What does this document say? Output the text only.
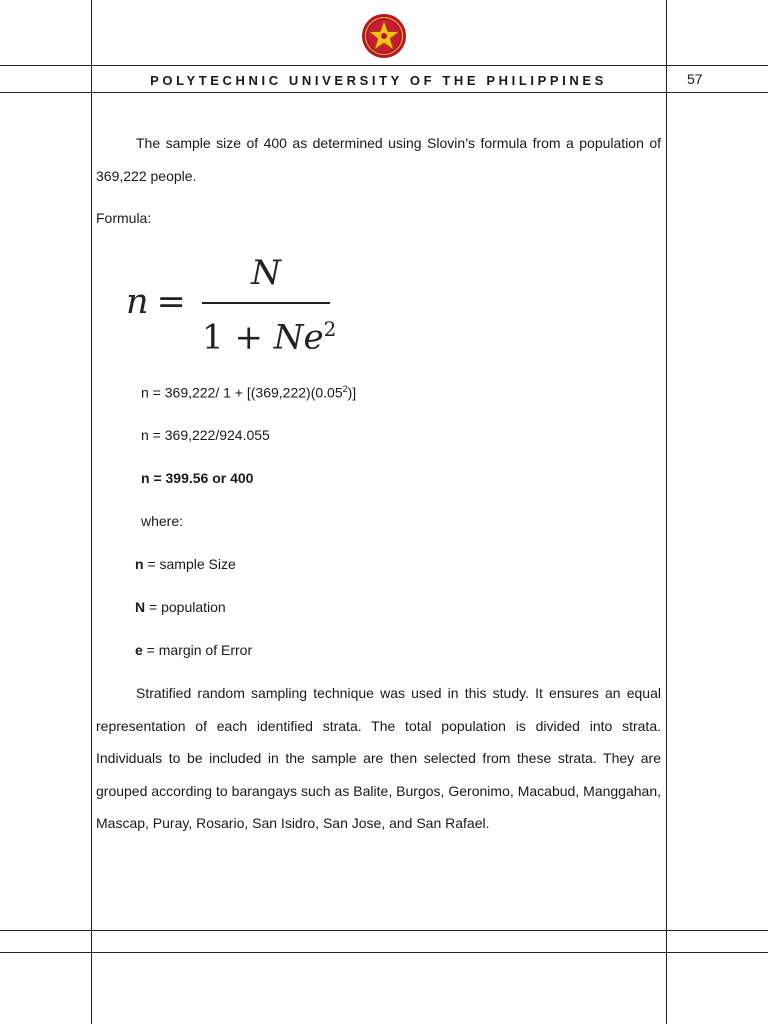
POLYTECHNIC UNIVERSITY OF THE PHILIPPINES	57

The sample size of 400 as determined using Slovin’s formula from a population of 369,222 people.

Formula:
n =
N
$1 + Ne^2$
n = 369,222/ $1 + [(369,222)(0.05^2)]$
n = 369,222/924.055
n = 399.56 or 400
where:
n = sample Size
N = population
e = margin of Error

Stratified random sampling technique was used in this study. It ensures an equal representation of each identified strata. The total population is divided into strata. Individuals to be included in the sample are then selected from these strata. They are grouped according to barangays such as Balite, Burgos, Geronimo, Macabud, Manggahan, Mascap, Puray, Rosario, San Isidro, San Jose, and San Rafael.
